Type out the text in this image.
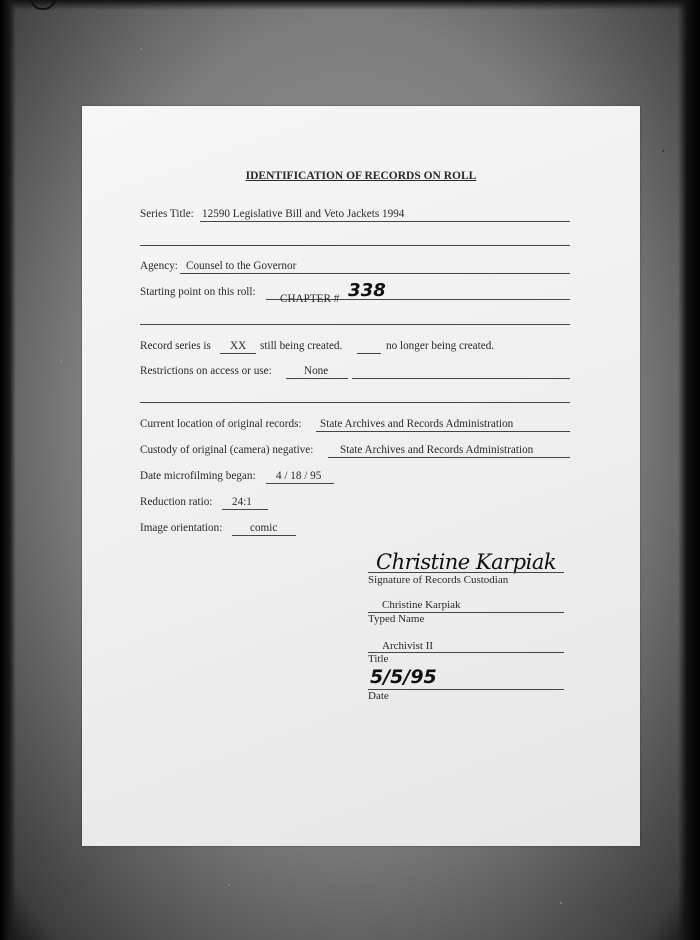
IDENTIFICATION OF RECORDS ON ROLL
Series Title: 12590 Legislative Bill and Veto Jackets 1994
Agency: Counsel to the Governor
Starting point on this roll:
CHAPTER # 338
Record series is	XX	still being created.	no longer being created.
Restrictions on access or use:	None
Current location of original records:	State Archives and Records Administration
Custody of original (camera) negative:	State Archives and Records Administration
Date microfilming began:	4 / 18 / 95
Reduction ratio:	24:1
Image orientation:	comic
Christine Karpiak
Signature of Records Custodian
Christine Karpiak
Typed Name
Archivist II
Title
5/5/95
Date
